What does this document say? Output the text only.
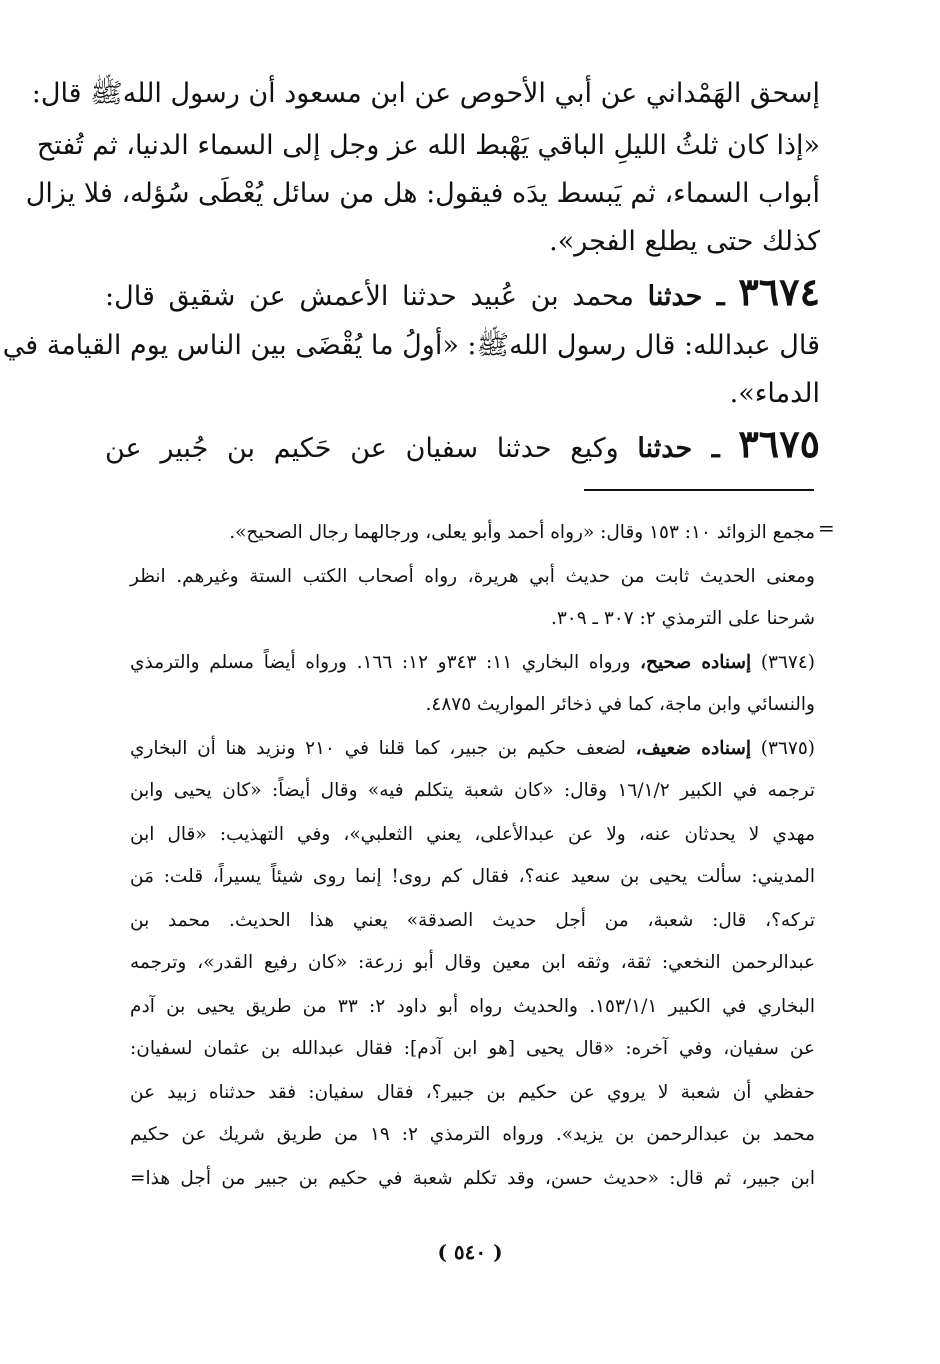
إسحق الهَمْداني عن أبي الأحوص عن ابن مسعود أن رسول اللهﷺ قال:
«إذا كان ثلثُ الليلِ الباقي يَهْبط الله عز وجل إلى السماء الدنيا، ثم تُفتح
أبواب السماء، ثم يَبسط يدَه فيقول: هل من سائل يُعْطَى سُؤله، فلا يزال
كذلك حتى يطلع الفجر».
٣٦٧٤ ـ حدثنا محمد بن عُبيد حدثنا الأعمش عن شقيق قال:
قال عبدالله: قال رسول اللهﷺ: «أولُ ما يُقْضَى بين الناس يوم القيامة في
الدماء».
٣٦٧٥ ـ حدثنا وكيع حدثنا سفيان عن حَكيم بن جُبير عن
=
مجمع الزوائد ١٠: ١٥٣ وقال: «رواه أحمد وأبو يعلى، ورجالهما رجال الصحيح».
ومعنى الحديث ثابت من حديث أبي هريرة، رواه أصحاب الكتب الستة وغيرهم. انظر
شرحنا على الترمذي ٢: ٣٠٧ ـ ٣٠٩.
(٣٦٧٤) إسناده صحيح، ورواه البخاري ١١: ٣٤٣و ١٢: ١٦٦. ورواه أيضاً مسلم والترمذي
والنسائي وابن ماجة، كما في ذخائر المواريث ٤٨٧٥.
(٣٦٧٥) إسناده ضعيف، لضعف حكيم بن جبير، كما قلنا في ٢١٠ ونزيد هنا أن البخاري
ترجمه في الكبير ١٦/١/٢ وقال: «كان شعبة يتكلم فيه» وقال أيضاً: «كان يحيى وابن
مهدي لا يحدثان عنه، ولا عن عبدالأعلى، يعني الثعلبي»، وفي التهذيب: «قال ابن
المديني: سألت يحيى بن سعيد عنه؟، فقال كم روى! إنما روى شيئاً يسيراً، قلت: مَن
تركه؟، قال: شعبة، من أجل حديث الصدقة» يعني هذا الحديث. محمد بن
عبدالرحمن النخعي: ثقة، وثقه ابن معين وقال أبو زرعة: «كان رفيع القدر»، وترجمه
البخاري في الكبير ١٥٣/١/١. والحديث رواه أبو داود ٢: ٣٣ من طريق يحيى بن آدم
عن سفيان، وفي آخره: «قال يحيى [هو ابن آدم]: فقال عبدالله بن عثمان لسفيان:
حفظي أن شعبة لا يروي عن حكيم بن جبير؟، فقال سفيان: فقد حدثناه زبيد عن
محمد بن عبدالرحمن بن يزيد». ورواه الترمذي ٢: ١٩ من طريق شريك عن حكيم
ابن جبير، ثم قال: «حديث حسن، وقد تكلم شعبة في حكيم بن جبير من أجل هذا=
( ٥٤٠ )
